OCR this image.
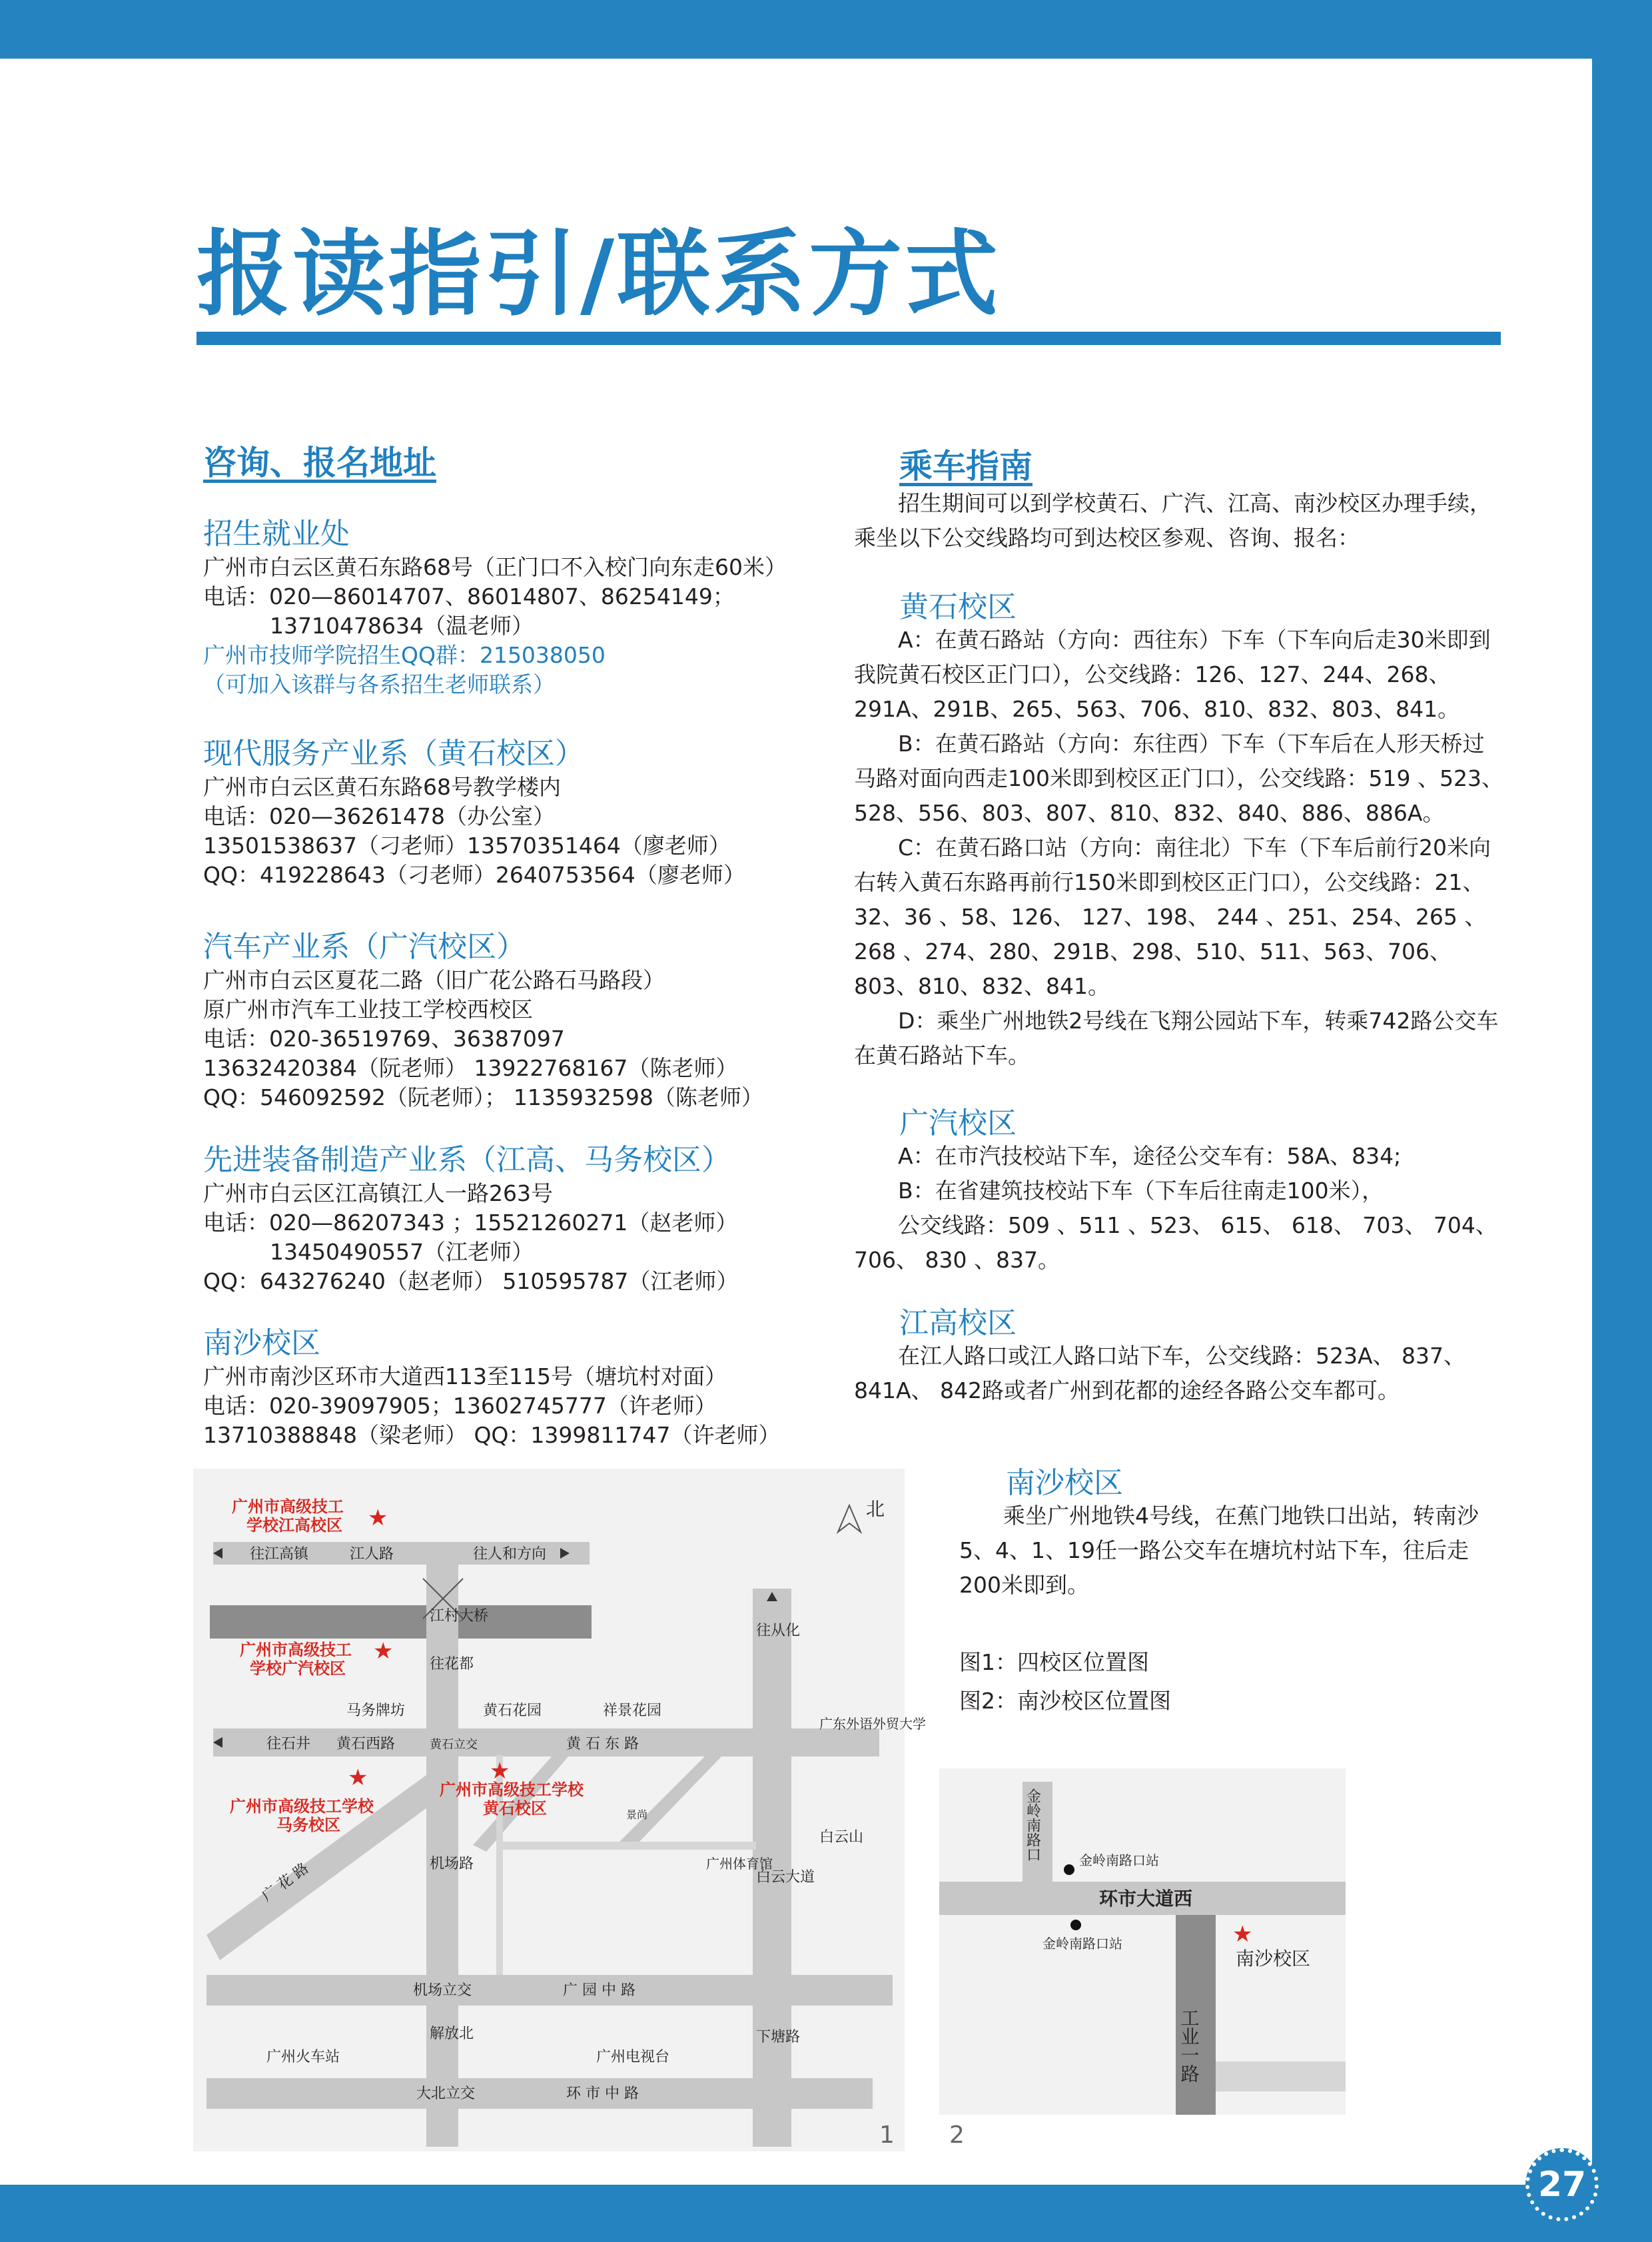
27
报读指引/联系方式
咨询、报名地址
招生就业处
广州市白云区黄石东路68号（正门口不入校门向东走60米）
电话：020—86014707、86014807、86254149；
13710478634（温老师）
广州市技师学院招生QQ群：215038050
（可加入该群与各系招生老师联系）
现代服务产业系（黄石校区）
广州市白云区黄石东路68号教学楼内
电话：020—36261478（办公室）
13501538637（刁老师）13570351464（廖老师）
QQ：419228643（刁老师）2640753564（廖老师）
汽车产业系（广汽校区）
广州市白云区夏花二路（旧广花公路石马路段）
原广州市汽车工业技工学校西校区
电话：020-36519769、36387097
13632420384（阮老师） 13922768167（陈老师）
QQ：546092592（阮老师）； 1135932598（陈老师）
先进装备制造产业系（江高、马务校区）
广州市白云区江高镇江人一路263号
电话：020—86207343 ；15521260271（赵老师）
13450490557（江老师）
QQ：643276240（赵老师） 510595787（江老师）
南沙校区
广州市南沙区环市大道西113至115号（塘坑村对面）
电话：020-39097905；13602745777（许老师）
13710388848（梁老师） QQ：1399811747（许老师）
乘车指南
　　招生期间可以到学校黄石、广汽、江高、南沙校区办理手续，
乘坐以下公交线路均可到达校区参观、咨询、报名：
黄石校区
　　A：在黄石路站（方向：西往东）下车（下车向后走30米即到我院黄石校区正门口），公交线路：126、127、244、268、291A、291B、265、563、706、810、832、803、841。
　　B：在黄石路站（方向：东往西）下车（下车后在人形天桥过马路对面向西走100米即到校区正门口），公交线路：519 、523、528、556、803、807、810、832、840、886、886A。
　　C：在黄石路口站（方向：南往北）下车（下车后前行20米向右转入黄石东路再前行150米即到校区正门口），公交线路：21、32、36 、58、126、 127、198、 244 、251、254、265 、268 、274、280、291B、298、510、511、563、706、803、810、832、841。
　　D：乘坐广州地铁2号线在飞翔公园站下车，转乘742路公交车在黄石路站下车。
广汽校区
　　A：在市汽技校站下车，途径公交车有：58A、834;
　　B：在省建筑技校站下车（下车后往南走100米），
　　公交线路：509 、511 、523、 615、 618、 703、 704、706、 830 、837。
江高校区
　　在江人路口或江人路口站下车，公交线路：523A、 837、841A、 842路或者广州到花都的途经各路公交车都可。
南沙校区
　　乘坐广州地铁4号线，在蕉门地铁口出站，转南沙5、4、1、19任一路公交车在塘坑村站下车，往后走200米即到。
图1：四校区位置图
图2：南沙校区位置图
北
★
★
★	★
广州市高级技工
学校江高校区
广州市高级技工
学校广汽校区
广州市高级技工学校
马务校区
广州市高级技工学校
黄石校区
往江高镇	江人路	往人和方向
江村大桥
马务牌坊	黄石花园	祥景花园
往石井 黄石西路	黄石立交	黄 石 东 路
景尚
广 花 路
机场立交	广 园 中 路
广州火车站	广州电视台
大北立交	环 市 中 路
白云山
广东外语外贸大学
广州体育馆
往花都
机场路
白云大道
往从化
解放北	下塘路
1
★
金岭南路口	金岭南路口站
环市大道西
金岭南路口站
南沙校区
工业一路
2
